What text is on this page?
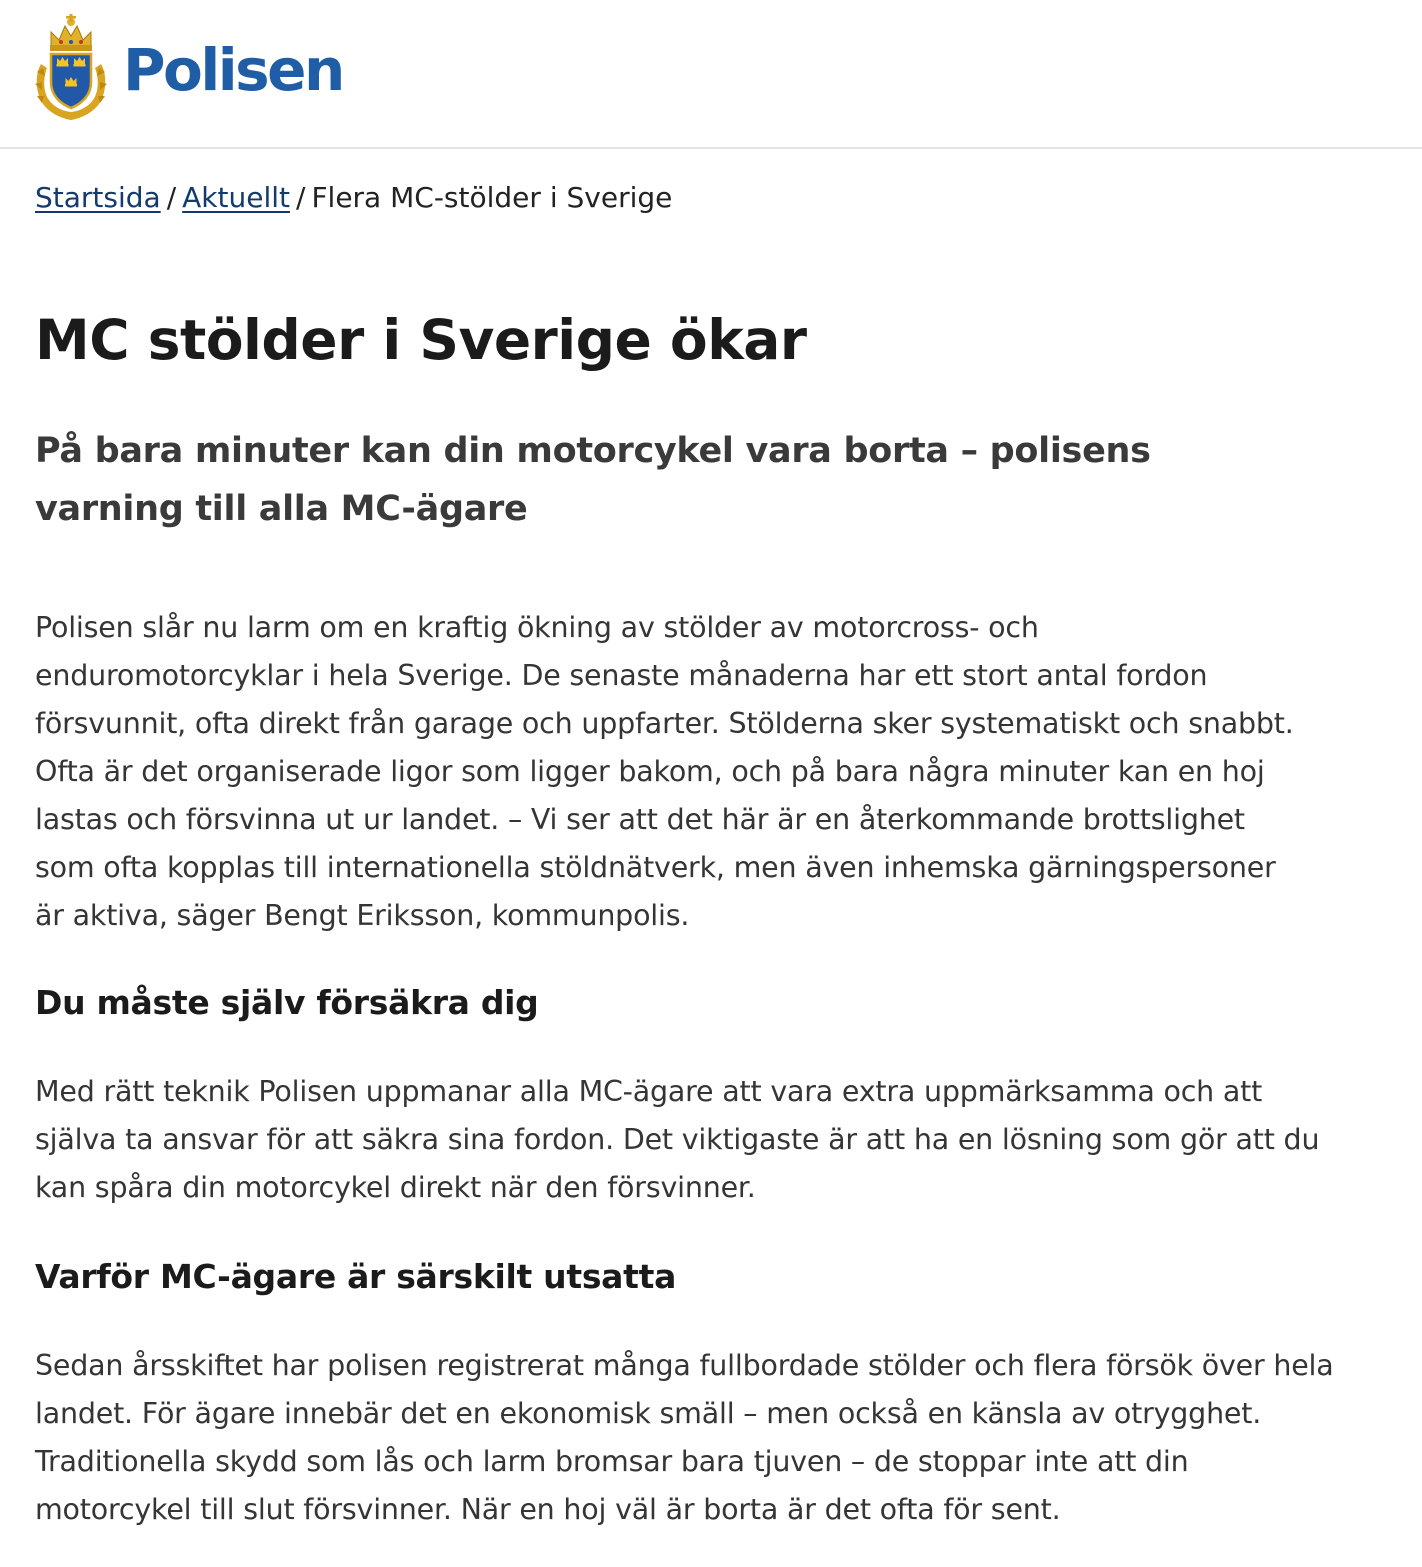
Polisen
Startsida / Aktuellt / Flera MC-stölder i Sverige
MC stölder i Sverige ökar
På bara minuter kan din motorcykel vara borta – polisens varning till alla MC-ägare

Polisen slår nu larm om en kraftig ökning av stölder av motorcross- och enduromotorcyklar i hela Sverige. De senaste månaderna har ett stort antal fordon försvunnit, ofta direkt från garage och uppfarter. Stölderna sker systematiskt och snabbt. Ofta är det organiserade ligor som ligger bakom, och på bara några minuter kan en hoj lastas och försvinna ut ur landet. – Vi ser att det här är en återkommande brottslighet som ofta kopplas till internationella stöldnätverk, men även inhemska gärningspersoner är aktiva, säger Bengt Eriksson, kommunpolis.

Du måste själv försäkra dig

Med rätt teknik Polisen uppmanar alla MC-ägare att vara extra uppmärksamma och att själva ta ansvar för att säkra sina fordon. Det viktigaste är att ha en lösning som gör att du kan spåra din motorcykel direkt när den försvinner.

Varför MC-ägare är särskilt utsatta

Sedan årsskiftet har polisen registrerat många fullbordade stölder och flera försök över hela landet. För ägare innebär det en ekonomisk smäll – men också en känsla av otrygghet. Traditionella skydd som lås och larm bromsar bara tjuven – de stoppar inte att din motorcykel till slut försvinner. När en hoj väl är borta är det ofta för sent.
